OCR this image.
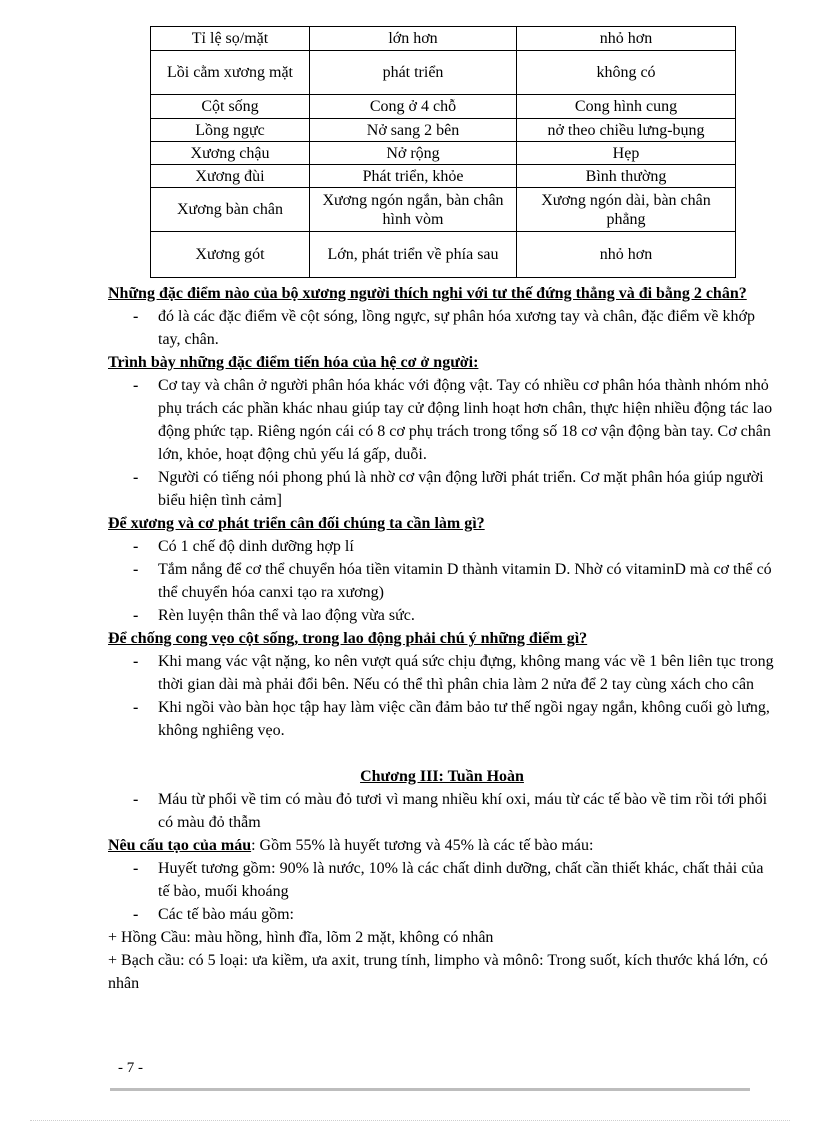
Tỉ lệ sọ/mặt	lớn hơn	nhỏ hơn
Lồi cằm xương mặt	phát triển	không có
Cột sống	Cong ở 4 chỗ	Cong hình cung
Lồng ngực	Nở sang 2 bên	nở theo chiều lưng-bụng
Xương chậu	Nở rộng	Hẹp
Xương đùi	Phát triển, khỏe	Bình thường
Xương bàn chân	Xương ngón ngắn, bàn chân hình vòm	Xương ngón dài, bàn chân phẳng
Xương gót	Lớn, phát triển về phía sau	nhỏ hơn
Những đặc điểm nào của bộ xương người thích nghi với tư thế đứng thẳng và đi bằng 2 chân?
- đó là các đặc điểm về cột sóng, lồng ngực, sự phân hóa xương tay và chân, đặc điểm về khớp tay, chân.
Trình bày những đặc điểm tiến hóa của hệ cơ ở người:
- Cơ tay và chân ở người phân hóa khác với động vật. Tay có nhiều cơ phân hóa thành nhóm nhỏ phụ trách các phần khác nhau giúp tay cử động linh hoạt hơn chân, thực hiện nhiều động tác lao động phức tạp. Riêng ngón cái có 8 cơ phụ trách trong tổng số 18 cơ vận động bàn tay. Cơ chân lớn, khỏe, hoạt động chủ yếu lá gấp, duỗi.
- Người có tiếng nói phong phú là nhờ cơ vận động lưỡi phát triển. Cơ mặt phân hóa giúp người biểu hiện tình cảm]
Để xương và cơ phát triển cân đối chúng ta cần làm gì?
- Có 1 chế độ dinh dưỡng hợp lí
- Tắm nắng để cơ thể chuyển hóa tiền vitamin D thành vitamin D. Nhờ có vitaminD mà cơ thể có thể chuyển hóa canxi tạo ra xương)
- Rèn luyện thân thể và lao động vừa sức.
Để chống cong vẹo cột sống, trong lao động phải chú ý những điểm gì?
- Khi mang vác vật nặng, ko nên vượt quá sức chịu đựng, không mang vác về 1 bên liên tục trong thời gian dài mà phải đổi bên. Nếu có thể thì phân chia làm 2 nửa để 2 tay cùng xách cho cân
- Khi ngồi vào bàn học tập hay làm việc cần đảm bảo tư thế ngồi ngay ngắn, không cuối gò lưng, không nghiêng vẹo.
Chương III: Tuần Hoàn
- Máu từ phổi về tim có màu đỏ tươi vì mang nhiều khí oxi, máu từ các tế bào về tim rồi tới phổi có màu đỏ thẫm
Nêu cấu tạo của máu: Gồm 55% là huyết tương và 45% là các tế bào máu:
- Huyết tương gồm: 90% là nước, 10% là các chất dinh dưỡng, chất cần thiết khác, chất thải của tế bào, muối khoáng
- Các tế bào máu gồm:
+ Hồng Cầu: màu hồng, hình đĩa, lõm 2 mặt, không có nhân
+ Bạch cầu: có 5 loại: ưa kiềm, ưa axit, trung tính, limpho và mônô: Trong suốt, kích thước khá lớn, có nhân
- 7 -
